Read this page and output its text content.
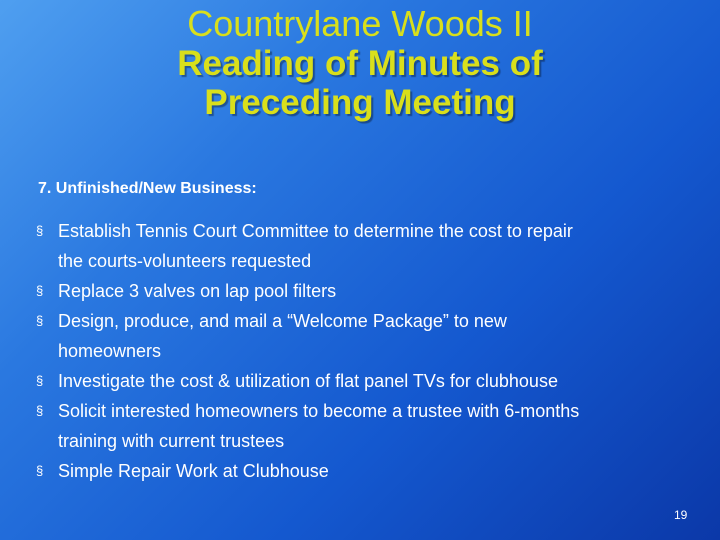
Countrylane Woods II
Reading of Minutes of
Preceding Meeting
7. Unfinished/New Business:
§ Establish Tennis Court Committee to determine the cost to repair
the courts-volunteers requested
§ Replace 3 valves on lap pool filters
§ Design, produce, and mail a “Welcome Package” to new
homeowners
§ Investigate the cost & utilization of flat panel TVs for clubhouse
§ Solicit interested homeowners to become a trustee with 6-months
training with current trustees
§ Simple Repair Work at Clubhouse
19
